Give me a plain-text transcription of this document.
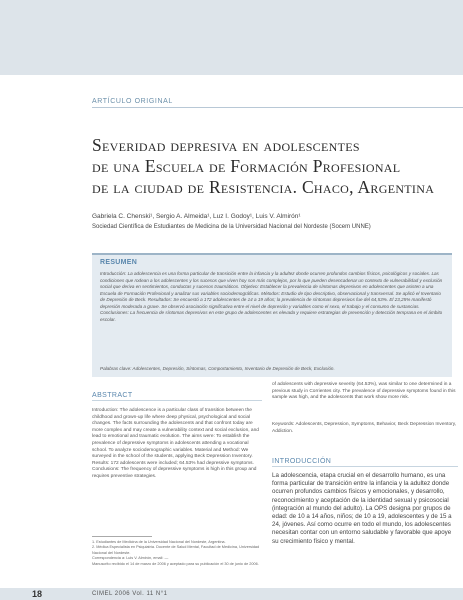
ARTÍCULO ORIGINAL
Severidad depresiva en adolescentes
de una Escuela de Formación Profesional
de la ciudad de Resistencia. Chaco, Argentina
Gabriela C. Chenski¹, Sergio A. Almeida¹, Luz I. Godoy¹, Luis V. Almirón¹
Sociedad Científica de Estudiantes de Medicina de la Universidad Nacional del Nordeste (Socem UNNE)
RESUMEN
Introducción: La adolescencia es una forma particular de transición entre la infancia y la adultez donde ocurren profundos cambios físicos, psicológicos y sociales. Las condiciones que rodean a los adolescentes y los sucesos que viven hoy son más complejos, por lo que pueden desencadenar un contexto de vulnerabilidad y exclusión social que deriva en sentimientos, conductas y sucesos traumáticos. Objetivo: Establecer la prevalencia de síntomas depresivos en adolescentes que asisten a una Escuela de Formación Profesional y analizar sus variables sociodemográficas. Métodos: Estudio de tipo descriptivo, observacional y transversal. Se aplicó el Inventario de Depresión de Beck. Resultados: Se encuestó a 172 adolescentes de 14 a 19 años; la prevalencia de síntomas depresivos fue del 64,53%. El 23,25% manifestó depresión moderada a grave. Se observó asociación significativa entre el nivel de depresión y variables como el sexo, el trabajo y el consumo de sustancias. Conclusiones: La frecuencia de síntomas depresivos en este grupo de adolescentes es elevada y requiere estrategias de prevención y detección temprana en el ámbito escolar.
Palabras clave: Adolescentes, Depresión, Síntomas, Comportamiento, Inventario de Depresión de Beck, Exclusión.
ABSTRACT
Introduction: The adolescence is a particular class of transition between the childhood and grown-up life where deep physical, psychological and social changes. The facts surrounding the adolescents and that confront today are more complex and may create a vulnerability context and social exclusion, and lead to emotional and traumatic evolution. The aims were: To establish the prevalence of depressive symptoms in adolescents attending a vocational school. To analyze sociodemographic variables. Material and Method: We surveyed in the school of the students, applying Beck Depression Inventory. Results: 172 adolescents were included; 64.53% had depressive symptoms. Conclusions: The frequency of depressive symptoms is high in this group and requires preventive strategies.
1. Estudiantes de Medicina de la Universidad Nacional del Nordeste, Argentina.
2. Médica Especialista en Psiquiatría. Docente de Salud Mental, Facultad de Medicina, Universidad Nacional del Nordeste.
Correspondencia a: Luis V. Almirón, email: —
Manuscrito recibido el 14 de marzo de 2006 y aceptado para su publicación el 30 de junio de 2006.
of adolescents with depressive severity (64.53%), was similar to one determined in a previous study in Corrientes city. The prevalence of depressive symptoms found in this sample was high, and the adolescents that work show more risk.
Keywords: Adolescents, Depression, Symptoms, Behavior, Beck Depression Inventory, Addiction.
INTRODUCCIÓN
La adolescencia, etapa crucial en el desarrollo humano, es una forma particular de transición entre la infancia y la adultez donde ocurren profundos cambios físicos y emocionales, y desarrollo, reconocimiento y aceptación de la identidad sexual y psicosocial (integración al mundo del adulto). La OPS designa por grupos de edad: de 10 a 14 años, niños; de 10 a 19, adolescentes y de 15 a 24, jóvenes. Así como ocurre en todo el mundo, los adolescentes necesitan contar con un entorno saludable y favorable que apoye su crecimiento físico y mental.
18	CIMEL 2006 Vol. 11 N°1
